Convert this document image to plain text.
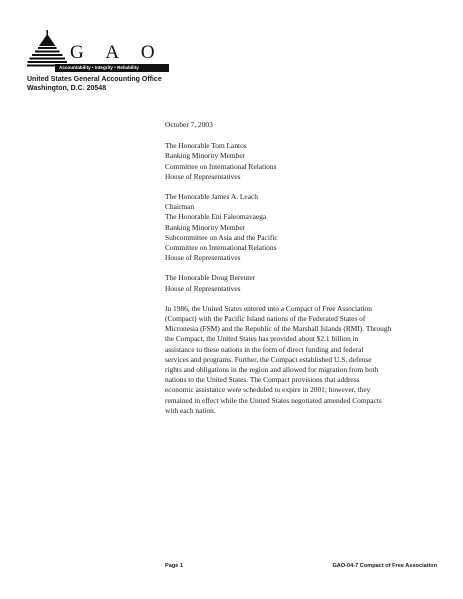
G A O
Accountability • Integrity • Reliability
United States General Accounting Office
Washington, D.C. 20548
October 7, 2003
The Honorable Tom Lantos
Ranking Minority Member
Committee on International Relations
House of Representatives
The Honorable James A. Leach
Chairman
The Honorable Eni Faleomavaega
Ranking Minority Member
Subcommittee on Asia and the Pacific
Committee on International Relations
House of Representatives
The Honorable Doug Bereuter
House of Representatives
In 1986, the United States entered into a Compact of Free Association
(Compact) with the Pacific Island nations of the Federated States of
Micronesia (FSM) and the Republic of the Marshall Islands (RMI). Through
the Compact, the United States has provided about $2.1 billion in
assistance to these nations in the form of direct funding and federal
services and programs. Further, the Compact established U.S. defense
rights and obligations in the region and allowed for migration from both
nations to the United States. The Compact provisions that address
economic assistance were scheduled to expire in 2001; however, they
remained in effect while the United States negotiated amended Compacts
with each nation.
Page 1	GAO-04-7 Compact of Free Association
